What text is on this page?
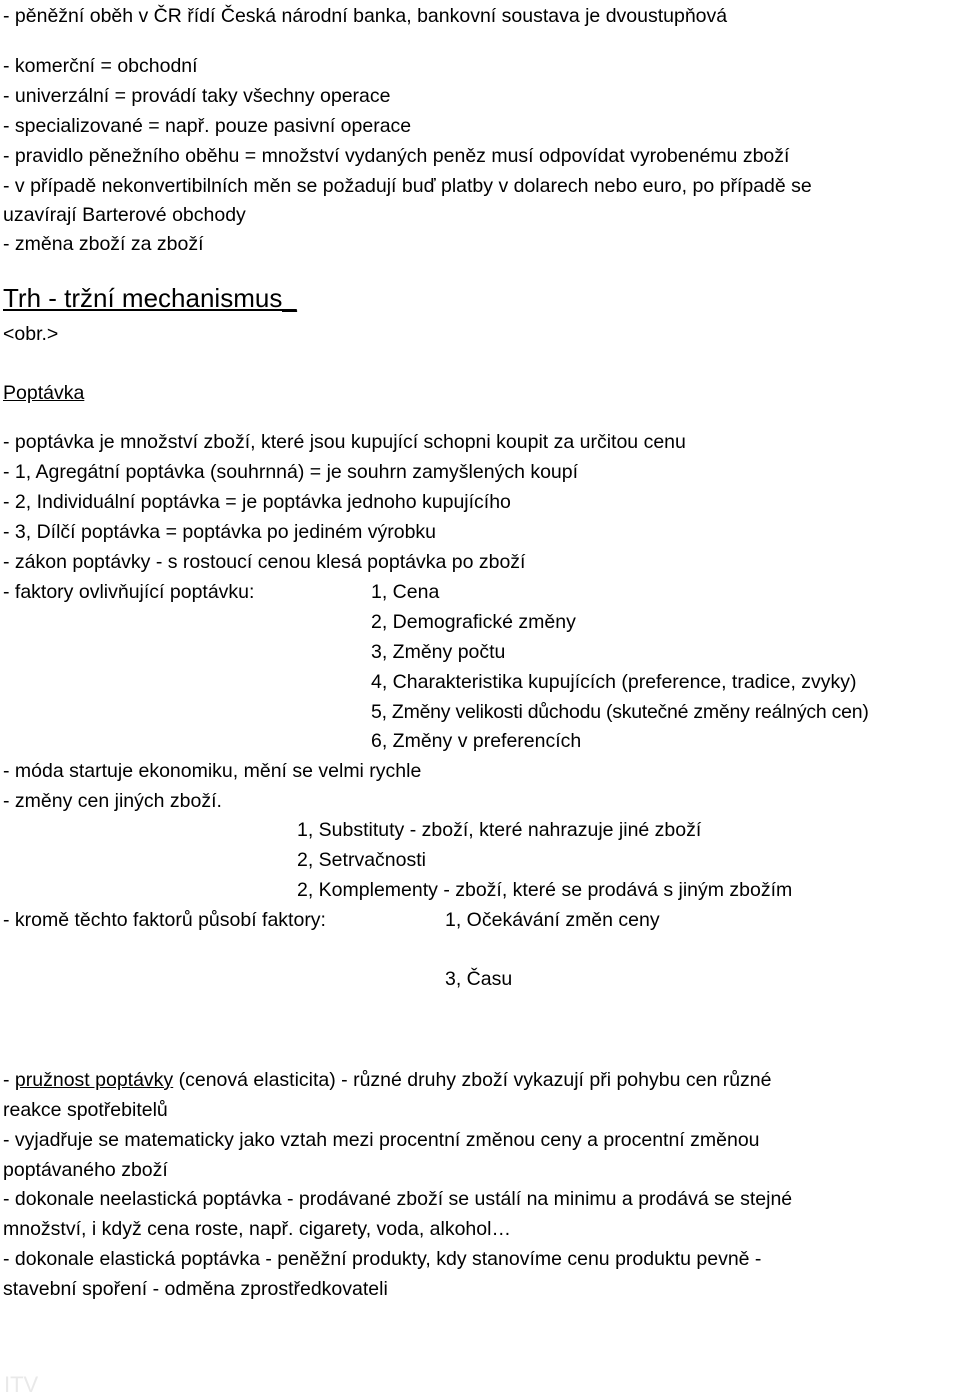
- pěněžní oběh v ČR řídí Česká národní banka, bankovní soustava je dvoustupňová
- komerční = obchodní
- univerzální = provádí taky všechny operace
- specializované = např. pouze pasivní operace
- pravidlo pěnežního oběhu = množství vydaných peněz musí odpovídat vyrobenému zboží
- v případě nekonvertibilních měn se požadují buď platby v dolarech nebo euro, po případě se
uzavírají Barterové obchody
- změna zboží za zboží
Trh - tržní mechanismus_
<obr.>
Poptávka
- poptávka je množství zboží, které jsou kupující schopni koupit za určitou cenu
- 1, Agregátní poptávka (souhrnná) = je souhrn zamyšlených koupí
- 2, Individuální poptávka = je poptávka jednoho kupujícího
- 3, Dílčí poptávka = poptávka po jediném výrobku
- zákon poptávky - s rostoucí cenou klesá poptávka po zboží
- faktory ovlivňující poptávku:	1, Cena
2, Demografické změny
3, Změny počtu
4, Charakteristika kupujících (preference, tradice, zvyky)
5, Změny velikosti důchodu (skutečné změny reálných cen)
6, Změny v preferencích
- móda startuje ekonomiku, mění se velmi rychle
- změny cen jiných zboží.
1, Substituty - zboží, které nahrazuje jiné zboží
2, Setrvačnosti
2, Komplementy - zboží, které se prodává s jiným zbožím
- kromě těchto faktorů působí faktory:	1, Očekávání změn ceny
3, Času
- pružnost poptávky (cenová elasticita) - různé druhy zboží vykazují při pohybu cen různé
reakce spotřebitelů
- vyjadřuje se matematicky jako vztah mezi procentní změnou ceny a procentní změnou
poptávaného zboží
- dokonale neelastická poptávka - prodávané zboží se ustálí na minimu a prodává se stejné
množství, i když cena roste, např. cigarety, voda, alkohol…
- dokonale elastická poptávka - peněžní produkty, kdy stanovíme cenu produktu pevně -
stavební spoření - odměna zprostředkovateli
ITV
